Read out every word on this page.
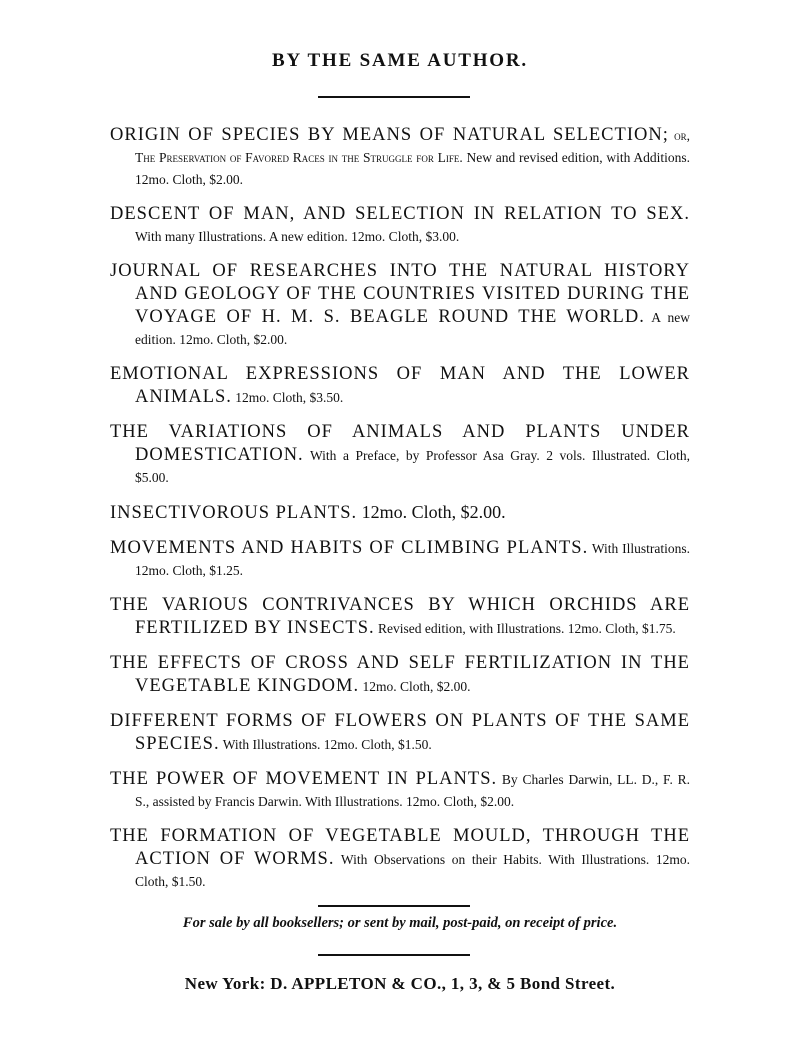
BY THE SAME AUTHOR.

ORIGIN OF SPECIES BY MEANS OF NATURAL SELECTION; or, The Preservation of Favored Races in the Struggle for Life. New and revised edition, with Additions. 12mo. Cloth, $2.00.

DESCENT OF MAN, AND SELECTION IN RELATION TO SEX. With many Illustrations. A new edition. 12mo. Cloth, $3.00.

JOURNAL OF RESEARCHES INTO THE NATURAL HISTORY AND GEOLOGY OF THE COUNTRIES VISITED DURING THE VOYAGE OF H. M. S. BEAGLE ROUND THE WORLD. A new edition. 12mo. Cloth, $2.00.

EMOTIONAL EXPRESSIONS OF MAN AND THE LOWER ANIMALS. 12mo. Cloth, $3.50.

THE VARIATIONS OF ANIMALS AND PLANTS UNDER DOMESTICATION. With a Preface, by Professor Asa Gray. 2 vols. Illustrated. Cloth, $5.00.

INSECTIVOROUS PLANTS. 12mo. Cloth, $2.00.

MOVEMENTS AND HABITS OF CLIMBING PLANTS. With Illustrations. 12mo. Cloth, $1.25.

THE VARIOUS CONTRIVANCES BY WHICH ORCHIDS ARE FERTILIZED BY INSECTS. Revised edition, with Illustrations. 12mo. Cloth, $1.75.

THE EFFECTS OF CROSS AND SELF FERTILIZATION IN THE VEGETABLE KINGDOM. 12mo. Cloth, $2.00.

DIFFERENT FORMS OF FLOWERS ON PLANTS OF THE SAME SPECIES. With Illustrations. 12mo. Cloth, $1.50.

THE POWER OF MOVEMENT IN PLANTS. By Charles Darwin, LL. D., F. R. S., assisted by Francis Darwin. With Illustrations. 12mo. Cloth, $2.00.

THE FORMATION OF VEGETABLE MOULD, THROUGH THE ACTION OF WORMS. With Observations on their Habits. With Illustrations. 12mo. Cloth, $1.50.

For sale by all booksellers; or sent by mail, post-paid, on receipt of price.
New York: D. APPLETON & CO., 1, 3, & 5 Bond Street.
